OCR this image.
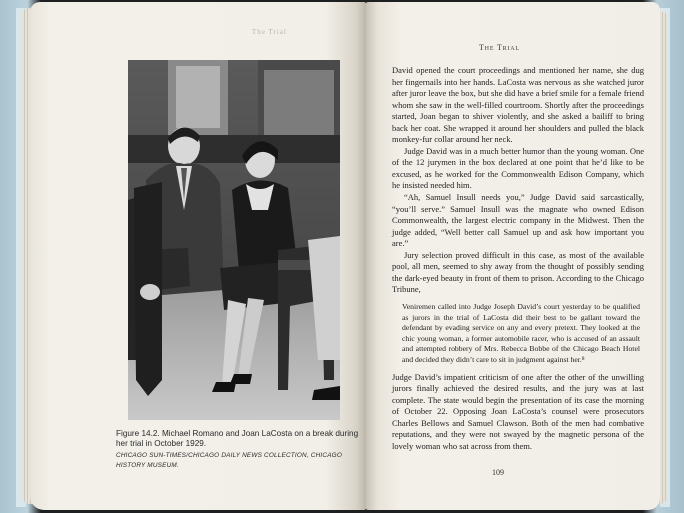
The Trial
Figure 14.2. Michael Romano and Joan LaCosta on a break during her trial in October 1929.
CHICAGO SUN-TIMES/CHICAGO DAILY NEWS COLLECTION, CHICAGO HISTORY MUSEUM.
The Trial

David opened the court proceedings and mentioned her name, she dug her fingernails into her hands. LaCosta was nervous as she watched juror after juror leave the box, but she did have a brief smile for a female friend whom she saw in the well-filled courtroom. Shortly after the proceedings started, Joan began to shiver violently, and she asked a bailiff to bring back her coat. She wrapped it around her shoulders and pulled the black monkey-fur collar around her neck.

Judge David was in a much better humor than the young woman. One of the 12 jurymen in the box declared at one point that he’d like to be excused, as he worked for the Commonwealth Edison Company, which he insisted needed him.

“Ah, Samuel Insull needs you,” Judge David said sarcastically, “you’ll serve.” Samuel Insull was the magnate who owned Edison Commonwealth, the largest electric company in the Midwest. Then the judge added, “Well better call Samuel up and ask how important you are.”

Jury selection proved difficult in this case, as most of the available pool, all men, seemed to shy away from the thought of possibly sending the dark-eyed beauty in front of them to prison. According to the Chicago Tribune,

Veniremen called into Judge Joseph David’s court yesterday to be qualified as jurors in the trial of LaCosta did their best to be gallant toward the defendant by evading service on any and every pretext. They looked at the chic young woman, a former automobile racer, who is accused of an assault and attempted robbery of Mrs. Rebecca Bobbe of the Chicago Beach Hotel and decided they didn’t care to sit in judgment against her.⁸

Judge David’s impatient criticism of one after the other of the unwilling jurors finally achieved the desired results, and the jury was at last complete. The state would begin the presentation of its case the morning of October 22. Opposing Joan LaCosta’s counsel were prosecutors Charles Bellows and Samuel Clawson. Both of the men had combative reputations, and they were not swayed by the magnetic persona of the lovely woman who sat across from them.

109
